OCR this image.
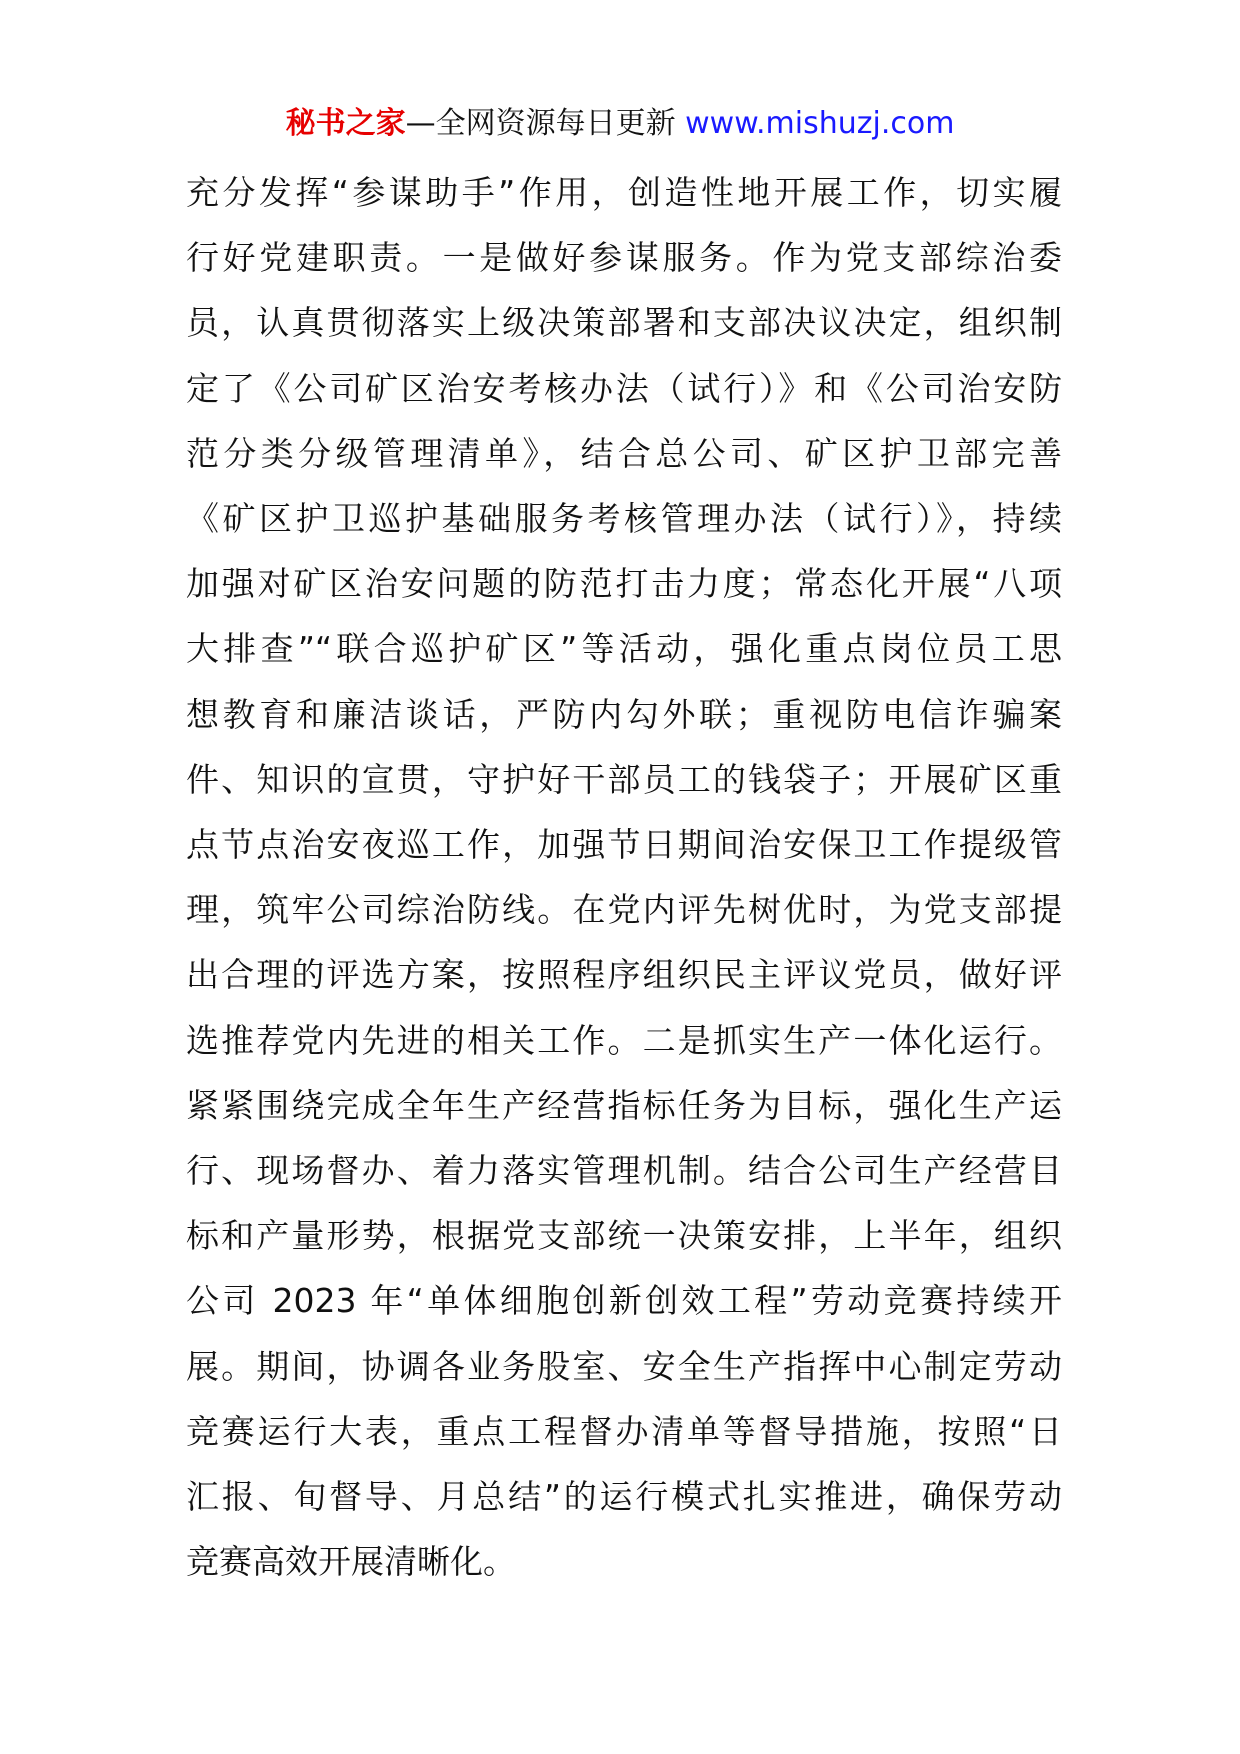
秘书之家—全网资源每日更新 www.mishuzj.com
充分发挥“参谋助手”作用，创造性地开展工作，切实履
行好党建职责。一是做好参谋服务。作为党支部综治委
员，认真贯彻落实上级决策部署和支部决议决定，组织制
定了《公司矿区治安考核办法（试行）》和《公司治安防
范分类分级管理清单》，结合总公司、矿区护卫部完善
《矿区护卫巡护基础服务考核管理办法（试行）》，持续
加强对矿区治安问题的防范打击力度；常态化开展“八项
大排查”“联合巡护矿区”等活动，强化重点岗位员工思
想教育和廉洁谈话，严防内勾外联；重视防电信诈骗案
件、知识的宣贯，守护好干部员工的钱袋子；开展矿区重
点节点治安夜巡工作，加强节日期间治安保卫工作提级管
理，筑牢公司综治防线。在党内评先树优时，为党支部提
出合理的评选方案，按照程序组织民主评议党员，做好评
选推荐党内先进的相关工作。二是抓实生产一体化运行。
紧紧围绕完成全年生产经营指标任务为目标，强化生产运
行、现场督办、着力落实管理机制。结合公司生产经营目
标和产量形势，根据党支部统一决策安排，上半年，组织
公司 2023 年“单体细胞创新创效工程”劳动竞赛持续开
展。期间，协调各业务股室、安全生产指挥中心制定劳动
竞赛运行大表，重点工程督办清单等督导措施，按照“日
汇报、旬督导、月总结”的运行模式扎实推进，确保劳动
竞赛高效开展清晰化。
